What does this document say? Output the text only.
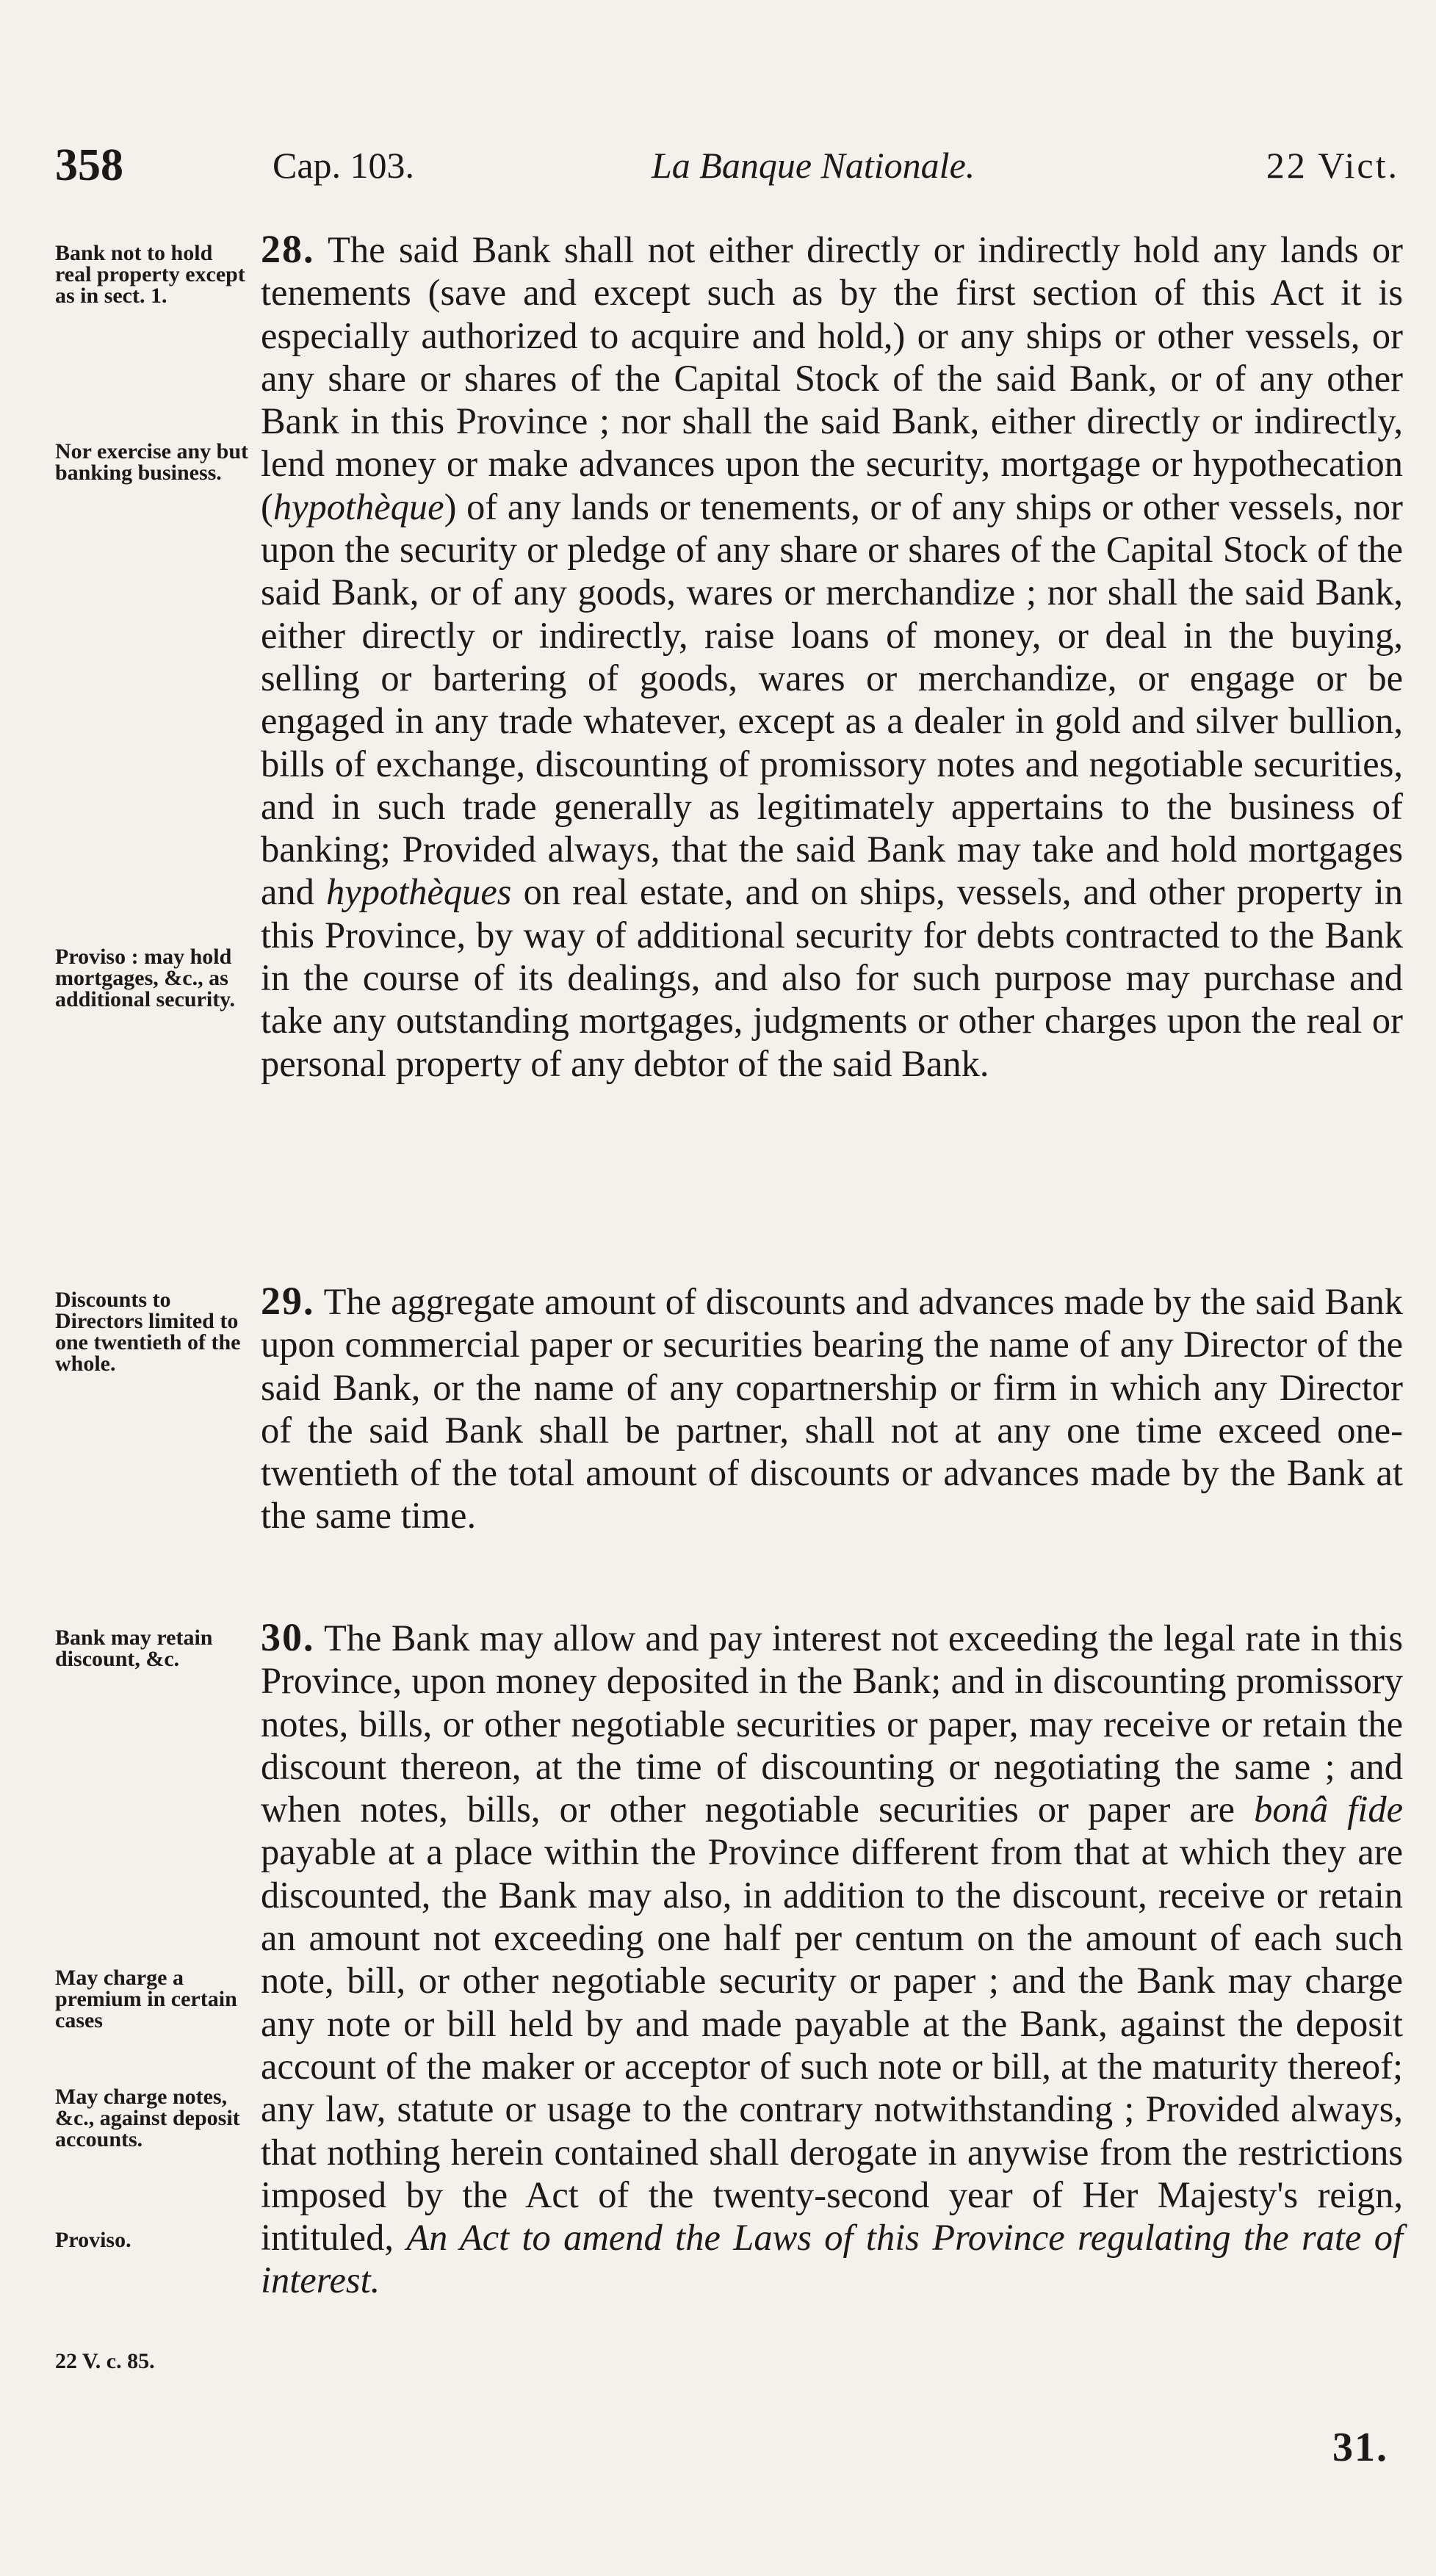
358	Cap. 103.	La Banque Nationale.	22 Vict.

28. The said Bank shall not either directly or indirectly hold any lands or tenements (save and except such as by the first section of this Act it is especially authorized to acquire and hold,) or any ships or other vessels, or any share or shares of the Capital Stock of the said Bank, or of any other Bank in this Province ; nor shall the said Bank, either directly or indirectly, lend money or make advances upon the security, mortgage or hypothecation (hypothèque) of any lands or tenements, or of any ships or other vessels, nor upon the security or pledge of any share or shares of the Capital Stock of the said Bank, or of any goods, wares or merchandize ; nor shall the said Bank, either directly or indirectly, raise loans of money, or deal in the buying, selling or bartering of goods, wares or merchandize, or engage or be engaged in any trade whatever, except as a dealer in gold and silver bullion, bills of exchange, discounting of promissory notes and negotiable securities, and in such trade generally as legitimately appertains to the business of banking; Provided always, that the said Bank may take and hold mortgages and hypothèques on real estate, and on ships, vessels, and other property in this Province, by way of additional security for debts contracted to the Bank in the course of its dealings, and also for such purpose may purchase and take any outstanding mortgages, judgments or other charges upon the real or personal property of any debtor of the said Bank.

29. The aggregate amount of discounts and advances made by the said Bank upon commercial paper or securities bearing the name of any Director of the said Bank, or the name of any copartnership or firm in which any Director of the said Bank shall be partner, shall not at any one time exceed one-twentieth of the total amount of discounts or advances made by the Bank at the same time.

30. The Bank may allow and pay interest not exceeding the legal rate in this Province, upon money deposited in the Bank; and in discounting promissory notes, bills, or other negotiable securities or paper, may receive or retain the discount thereon, at the time of discounting or negotiating the same ; and when notes, bills, or other negotiable securities or paper are bonâ fide payable at a place within the Province different from that at which they are discounted, the Bank may also, in addition to the discount, receive or retain an amount not exceeding one half per centum on the amount of each such note, bill, or other negotiable security or paper ; and the Bank may charge any note or bill held by and made payable at the Bank, against the deposit account of the maker or acceptor of such note or bill, at the maturity thereof; any law, statute or usage to the contrary notwithstanding ; Provided always, that nothing herein contained shall derogate in anywise from the restrictions imposed by the Act of the twenty-second year of Her Majesty's reign, intituled, An Act to amend the Laws of this Province regulating the rate of interest.

Bank not to hold real property except as in sect. 1.

Nor exercise any but banking business.

Proviso : may hold mortgages, &c., as additional security.

Discounts to Directors limited to one twentieth of the whole.

Bank may retain discount, &c.

May charge a premium in certain cases

May charge notes, &c., against deposit accounts.

Proviso.

22 V. c. 85.

31.
